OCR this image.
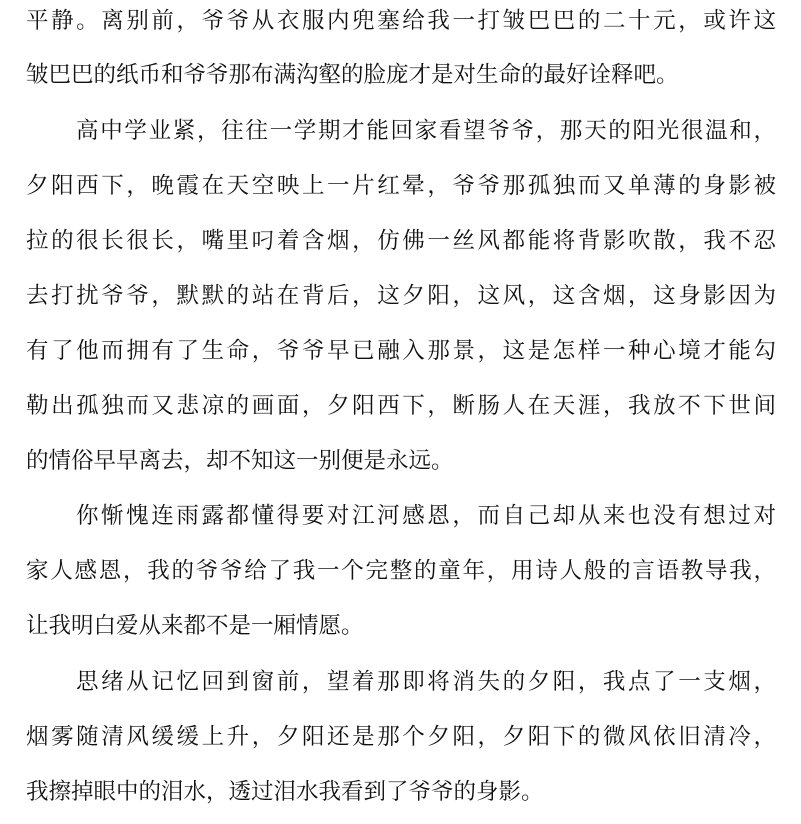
平静。离别前，爷爷从衣服内兜塞给我一打皱巴巴的二十元，或许这
皱巴巴的纸币和爷爷那布满沟壑的脸庞才是对生命的最好诠释吧。
高中学业紧，往往一学期才能回家看望爷爷，那天的阳光很温和，
夕阳西下，晚霞在天空映上一片红晕，爷爷那孤独而又单薄的身影被
拉的很长很长，嘴里叼着含烟，仿佛一丝风都能将背影吹散，我不忍
去打扰爷爷，默默的站在背后，这夕阳，这风，这含烟，这身影因为
有了他而拥有了生命，爷爷早已融入那景，这是怎样一种心境才能勾
勒出孤独而又悲凉的画面，夕阳西下，断肠人在天涯，我放不下世间
的情俗早早离去，却不知这一别便是永远。
你惭愧连雨露都懂得要对江河感恩，而自己却从来也没有想过对
家人感恩，我的爷爷给了我一个完整的童年，用诗人般的言语教导我，
让我明白爱从来都不是一厢情愿。
思绪从记忆回到窗前，望着那即将消失的夕阳，我点了一支烟，
烟雾随清风缓缓上升，夕阳还是那个夕阳，夕阳下的微风依旧清冷，
我擦掉眼中的泪水，透过泪水我看到了爷爷的身影。
